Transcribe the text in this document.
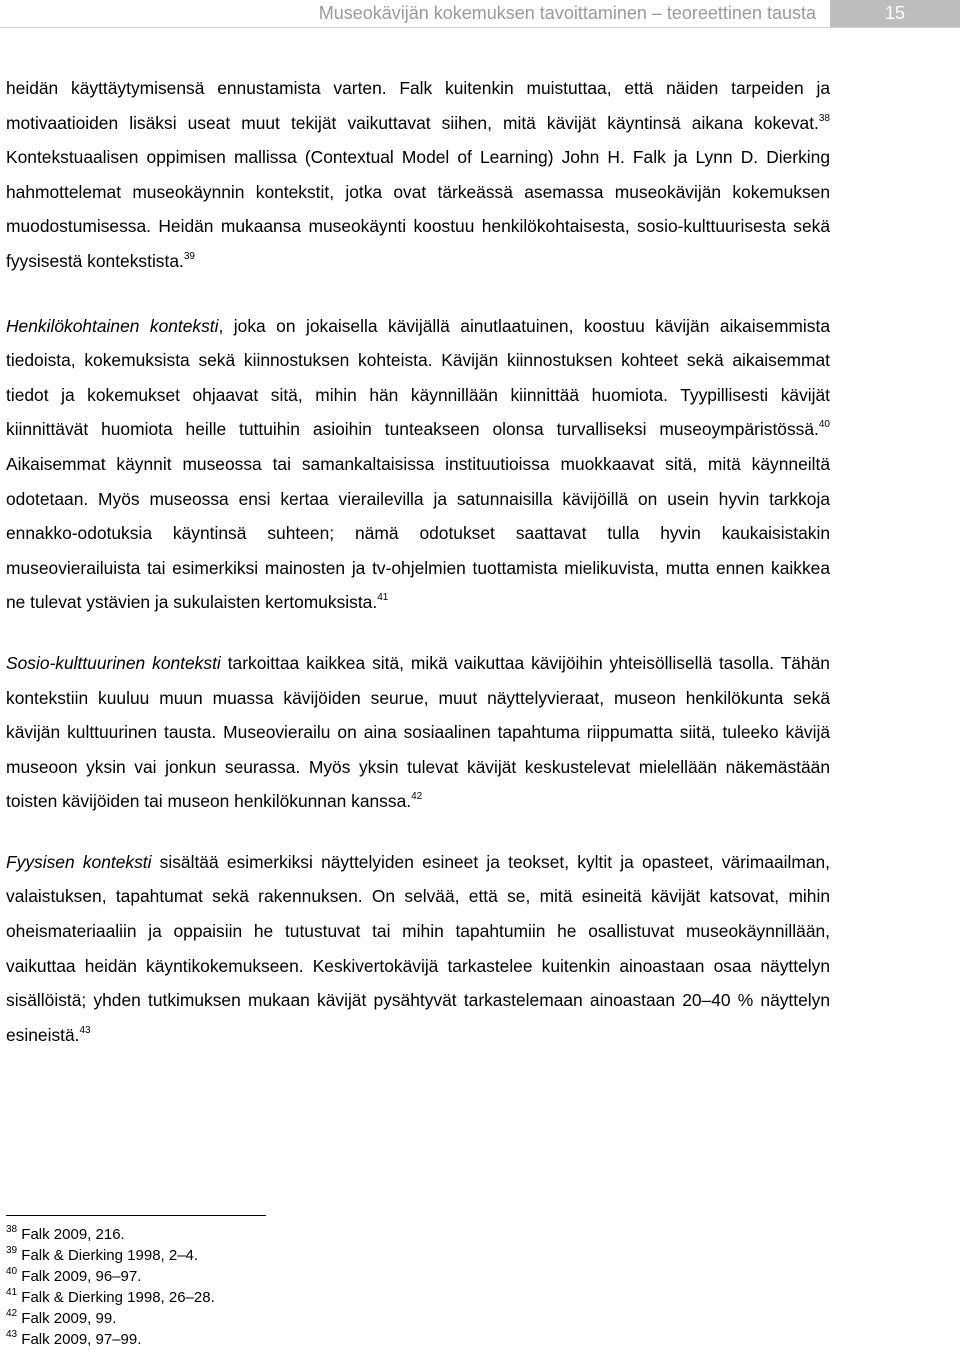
Museokävijän kokemuksen tavoittaminen – teoreettinen tausta	15

heidän käyttäytymisensä ennustamista varten. Falk kuitenkin muistuttaa, että näiden tarpeiden ja motivaatioiden lisäksi useat muut tekijät vaikuttavat siihen, mitä kävijät käyntinsä aikana kokevat.$^{38}$ Kontekstuaalisen oppimisen mallissa (Contextual Model of Learning) John H. Falk ja Lynn D. Dierking hahmottelemat museokäynnin kontekstit, jotka ovat tärkeässä asemassa museokävijän kokemuksen muodostumisessa. Heidän mukaansa museokäynti koostuu henkilökohtaisesta, sosio-kulttuurisesta sekä fyysisestä kontekstista.$^{39}$

Henkilökohtainen konteksti, joka on jokaisella kävijällä ainutlaatuinen, koostuu kävijän aikaisemmista tiedoista, kokemuksista sekä kiinnostuksen kohteista. Kävijän kiinnostuksen kohteet sekä aikaisemmat tiedot ja kokemukset ohjaavat sitä, mihin hän käynnillään kiinnittää huomiota. Tyypillisesti kävijät kiinnittävät huomiota heille tuttuihin asioihin tunteakseen olonsa turvalliseksi museoympäristössä.$^{40}$ Aikaisemmat käynnit museossa tai samankaltaisissa instituutioissa muokkaavat sitä, mitä käynneiltä odotetaan. Myös museossa ensi kertaa vierailevilla ja satunnaisilla kävijöillä on usein hyvin tarkkoja ennakko-odotuksia käyntinsä suhteen; nämä odotukset saattavat tulla hyvin kaukaisistakin museovierailuista tai esimerkiksi mainosten ja tv-ohjelmien tuottamista mielikuvista, mutta ennen kaikkea ne tulevat ystävien ja sukulaisten kertomuksista.$^{41}$

Sosio-kulttuurinen konteksti tarkoittaa kaikkea sitä, mikä vaikuttaa kävijöihin yhteisöllisellä tasolla. Tähän kontekstiin kuuluu muun muassa kävijöiden seurue, muut näyttelyvieraat, museon henkilökunta sekä kävijän kulttuurinen tausta. Museovierailu on aina sosiaalinen tapahtuma riippumatta siitä, tuleeko kävijä museoon yksin vai jonkun seurassa. Myös yksin tulevat kävijät keskustelevat mielellään näkemästään toisten kävijöiden tai museon henkilökunnan kanssa.$^{42}$

Fyysisen konteksti sisältää esimerkiksi näyttelyiden esineet ja teokset, kyltit ja opasteet, värimaailman, valaistuksen, tapahtumat sekä rakennuksen. On selvää, että se, mitä esineitä kävijät katsovat, mihin oheismateriaaliin ja oppaisiin he tutustuvat tai mihin tapahtumiin he osallistuvat museokäynnillään, vaikuttaa heidän käyntikokemukseen. Keskivertokävijä tarkastelee kuitenkin ainoastaan osaa näyttelyn sisällöistä; yhden tutkimuksen mukaan kävijät pysähtyvät tarkastelemaan ainoastaan 20–40 % näyttelyn esineistä.$^{43}$

$^{38}$ Falk 2009, 216.
$^{39}$ Falk & Dierking 1998, 2–4.
$^{40}$ Falk 2009, 96–97.
$^{41}$ Falk & Dierking 1998, 26–28.
$^{42}$ Falk 2009, 99.
$^{43}$ Falk 2009, 97–99.
